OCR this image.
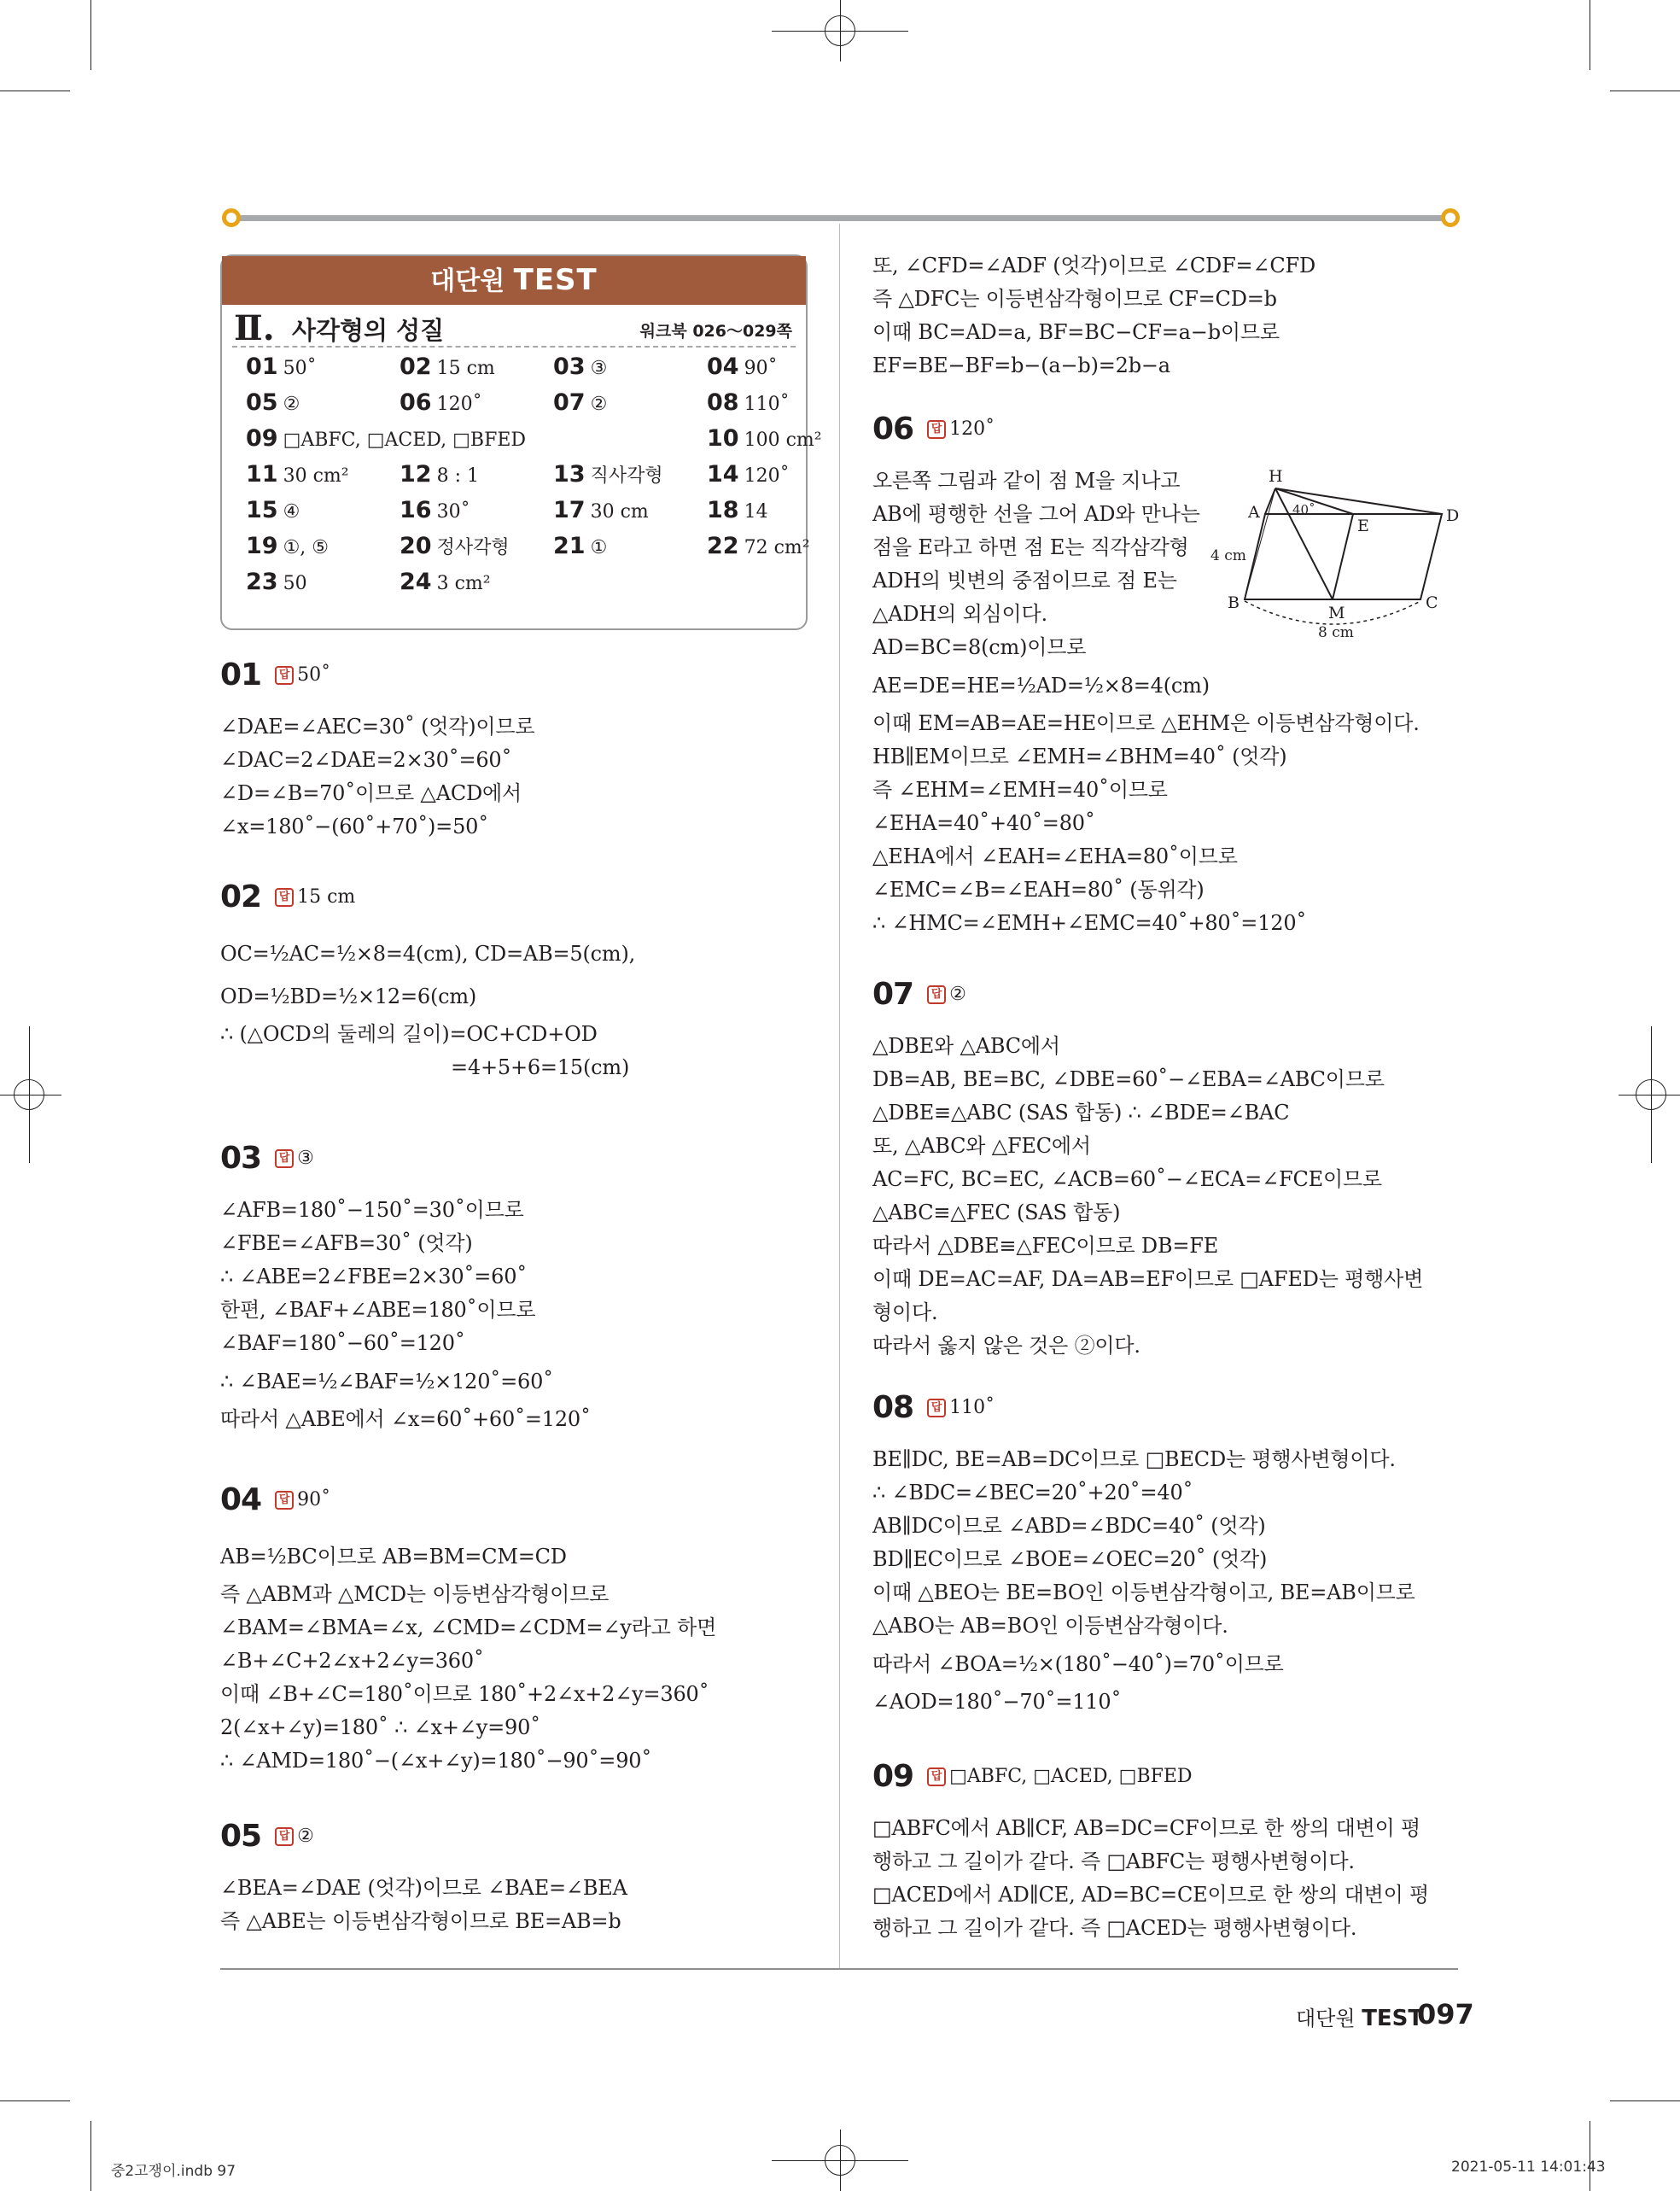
대단원 TEST
Ⅱ. 사각형의 성질	워크북 026～029쪽
01 50˚	02 15 cm	03 ③	04 90˚
05 ②	06 120˚	07 ②	08 110˚
09 □ABFC, □ACED, □BFED	10 100 cm²
11 30 cm² 12 8 : 1	13 직사각형 14 120˚
15 ④	16 30˚	17 30 cm	18 14
19 ①, ⑤	20 정사각형 21 ①	22 72 cm²
23 50	24 3 cm²
H
A	D
E
B
M
C
40˚
4 cm
8 cm
대단원 TEST
097
중2고쟁이.indb 97	2021-05-11 14:01:43
01 답 50˚
∠DAE=∠AEC=30˚ (엇각)이므로
∠DAC=2∠DAE=2×30˚=60˚
∠D=∠B=70˚이므로 △ACD에서
∠x=180˚−(60˚+70˚)=50˚
02 답 15 cm
OC=½AC=½×8=4(cm), CD=AB=5(cm),
OD=½BD=½×12=6(cm)
∴ (△OCD의 둘레의 길이)=OC+CD+OD
=4+5+6=15(cm)
03 답 ③
∠AFB=180˚−150˚=30˚이므로
∠FBE=∠AFB=30˚ (엇각)
∴ ∠ABE=2∠FBE=2×30˚=60˚
한편, ∠BAF+∠ABE=180˚이므로
∠BAF=180˚−60˚=120˚
∴ ∠BAE=½∠BAF=½×120˚=60˚
따라서 △ABE에서 ∠x=60˚+60˚=120˚
04 답 90˚
AB=½BC이므로 AB=BM=CM=CD
즉 △ABM과 △MCD는 이등변삼각형이므로
∠BAM=∠BMA=∠x, ∠CMD=∠CDM=∠y라고 하면
∠B+∠C+2∠x+2∠y=360˚
이때 ∠B+∠C=180˚이므로 180˚+2∠x+2∠y=360˚
2(∠x+∠y)=180˚ ∴ ∠x+∠y=90˚
∴ ∠AMD=180˚−(∠x+∠y)=180˚−90˚=90˚
05 답 ②
∠BEA=∠DAE (엇각)이므로 ∠BAE=∠BEA
즉 △ABE는 이등변삼각형이므로 BE=AB=b
또, ∠CFD=∠ADF (엇각)이므로 ∠CDF=∠CFD
즉 △DFC는 이등변삼각형이므로 CF=CD=b
이때 BC=AD=a, BF=BC−CF=a−b이므로
EF=BE−BF=b−(a−b)=2b−a
06 답 120˚
오른쪽 그림과 같이 점 M을 지나고
AB에 평행한 선을 그어 AD와 만나는
점을 E라고 하면 점 E는 직각삼각형
ADH의 빗변의 중점이므로 점 E는
△ADH의 외심이다.
AD=BC=8(cm)이므로
AE=DE=HE=½AD=½×8=4(cm)
이때 EM=AB=AE=HE이므로 △EHM은 이등변삼각형이다.
HB∥EM이므로 ∠EMH=∠BHM=40˚ (엇각)
즉 ∠EHM=∠EMH=40˚이므로
∠EHA=40˚+40˚=80˚
△EHA에서 ∠EAH=∠EHA=80˚이므로
∠EMC=∠B=∠EAH=80˚ (동위각)
∴ ∠HMC=∠EMH+∠EMC=40˚+80˚=120˚
07 답 ②
△DBE와 △ABC에서
DB=AB, BE=BC, ∠DBE=60˚−∠EBA=∠ABC이므로
△DBE≡△ABC (SAS 합동) ∴ ∠BDE=∠BAC
또, △ABC와 △FEC에서
AC=FC, BC=EC, ∠ACB=60˚−∠ECA=∠FCE이므로
△ABC≡△FEC (SAS 합동)
따라서 △DBE≡△FEC이므로 DB=FE
이때 DE=AC=AF, DA=AB=EF이므로 □AFED는 평행사변
형이다.
따라서 옳지 않은 것은 ②이다.
08 답 110˚
BE∥DC, BE=AB=DC이므로 □BECD는 평행사변형이다.
∴ ∠BDC=∠BEC=20˚+20˚=40˚
AB∥DC이므로 ∠ABD=∠BDC=40˚ (엇각)
BD∥EC이므로 ∠BOE=∠OEC=20˚ (엇각)
이때 △BEO는 BE=BO인 이등변삼각형이고, BE=AB이므로
△ABO는 AB=BO인 이등변삼각형이다.
따라서 ∠BOA=½×(180˚−40˚)=70˚이므로
∠AOD=180˚−70˚=110˚
09 답 □ABFC, □ACED, □BFED
□ABFC에서 AB∥CF, AB=DC=CF이므로 한 쌍의 대변이 평
행하고 그 길이가 같다. 즉 □ABFC는 평행사변형이다.
□ACED에서 AD∥CE, AD=BC=CE이므로 한 쌍의 대변이 평
행하고 그 길이가 같다. 즉 □ACED는 평행사변형이다.
